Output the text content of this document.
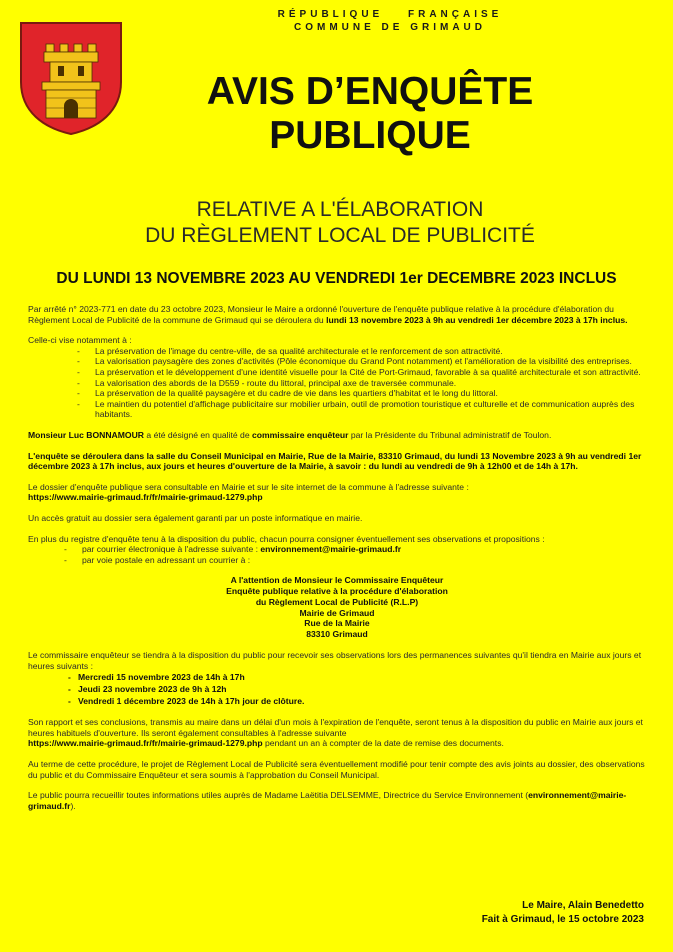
RÉPUBLIQUE FRANÇAISE
COMMUNE DE GRIMAUD
AVIS D’ENQUÊTE
PUBLIQUE
RELATIVE A L'ÉLABORATION
DU RÈGLEMENT LOCAL DE PUBLICITÉ
DU LUNDI 13 NOVEMBRE 2023 AU VENDREDI 1er DECEMBRE 2023 INCLUS

Par arrêté n° 2023-771 en date du 23 octobre 2023, Monsieur le Maire a ordonné l'ouverture de l'enquête publique relative à la procédure d'élaboration du Règlement Local de Publicité de la commune de Grimaud qui se déroulera du lundi 13 novembre 2023 à 9h au vendredi 1er décembre 2023 à 17h inclus.

Celle-ci vise notamment à :

- La préservation de l'image du centre-ville, de sa qualité architecturale et le renforcement de son attractivité.
- La valorisation paysagère des zones d'activités (Pôle économique du Grand Pont notamment) et l'amélioration de la visibilité des entreprises.
- La préservation et le développement d'une identité visuelle pour la Cité de Port-Grimaud, favorable à sa qualité architecturale et son attractivité.
- La valorisation des abords de la D559 - route du littoral, principal axe de traversée communale.
- La préservation de la qualité paysagère et du cadre de vie dans les quartiers d'habitat et le long du littoral.
- Le maintien du potentiel d'affichage publicitaire sur mobilier urbain, outil de promotion touristique et culturelle et de communication auprès des habitants.

Monsieur Luc BONNAMOUR a été désigné en qualité de commissaire enquêteur par la Présidente du Tribunal administratif de Toulon.

L'enquête se déroulera dans la salle du Conseil Municipal en Mairie, Rue de la Mairie, 83310 Grimaud, du lundi 13 Novembre 2023 à 9h au vendredi 1er décembre 2023 à 17h inclus, aux jours et heures d'ouverture de la Mairie, à savoir : du lundi au vendredi de 9h à 12h00 et de 14h à 17h.

Le dossier d'enquête publique sera consultable en Mairie et sur le site internet de la commune à l'adresse suivante :
https://www.mairie-grimaud.fr/fr/mairie-grimaud-1279.php

Un accès gratuit au dossier sera également garanti par un poste informatique en mairie.

En plus du registre d'enquête tenu à la disposition du public, chacun pourra consigner éventuellement ses observations et propositions :

- par courrier électronique à l'adresse suivante : environnement@mairie-grimaud.fr
- par voie postale en adressant un courrier à :
A l'attention de Monsieur le Commissaire Enquêteur
Enquête publique relative à la procédure d'élaboration
du Règlement Local de Publicité (R.L.P)
Mairie de Grimaud
Rue de la Mairie
83310 Grimaud

Le commissaire enquêteur se tiendra à la disposition du public pour recevoir ses observations lors des permanences suivantes qu'il tiendra en Mairie aux jours et heures suivants :

- Mercredi 15 novembre 2023 de 14h à 17h
- Jeudi 23 novembre 2023 de 9h à 12h
- Vendredi 1 décembre 2023 de 14h à 17h jour de clôture.

Son rapport et ses conclusions, transmis au maire dans un délai d'un mois à l'expiration de l'enquête, seront tenus à la disposition du public en Mairie aux jours et heures habituels d'ouverture. Ils seront également consultables à l'adresse suivante
https://www.mairie-grimaud.fr/fr/mairie-grimaud-1279.php pendant un an à compter de la date de remise des documents.

Au terme de cette procédure, le projet de Règlement Local de Publicité sera éventuellement modifié pour tenir compte des avis joints au dossier, des observations du public et du Commissaire Enquêteur et sera soumis à l'approbation du Conseil Municipal.

Le public pourra recueillir toutes informations utiles auprès de Madame Laëtitia DELSEMME, Directrice du Service Environnement (environnement@mairie-grimaud.fr).

Le Maire, Alain Benedetto
Fait à Grimaud, le 15 octobre 2023
